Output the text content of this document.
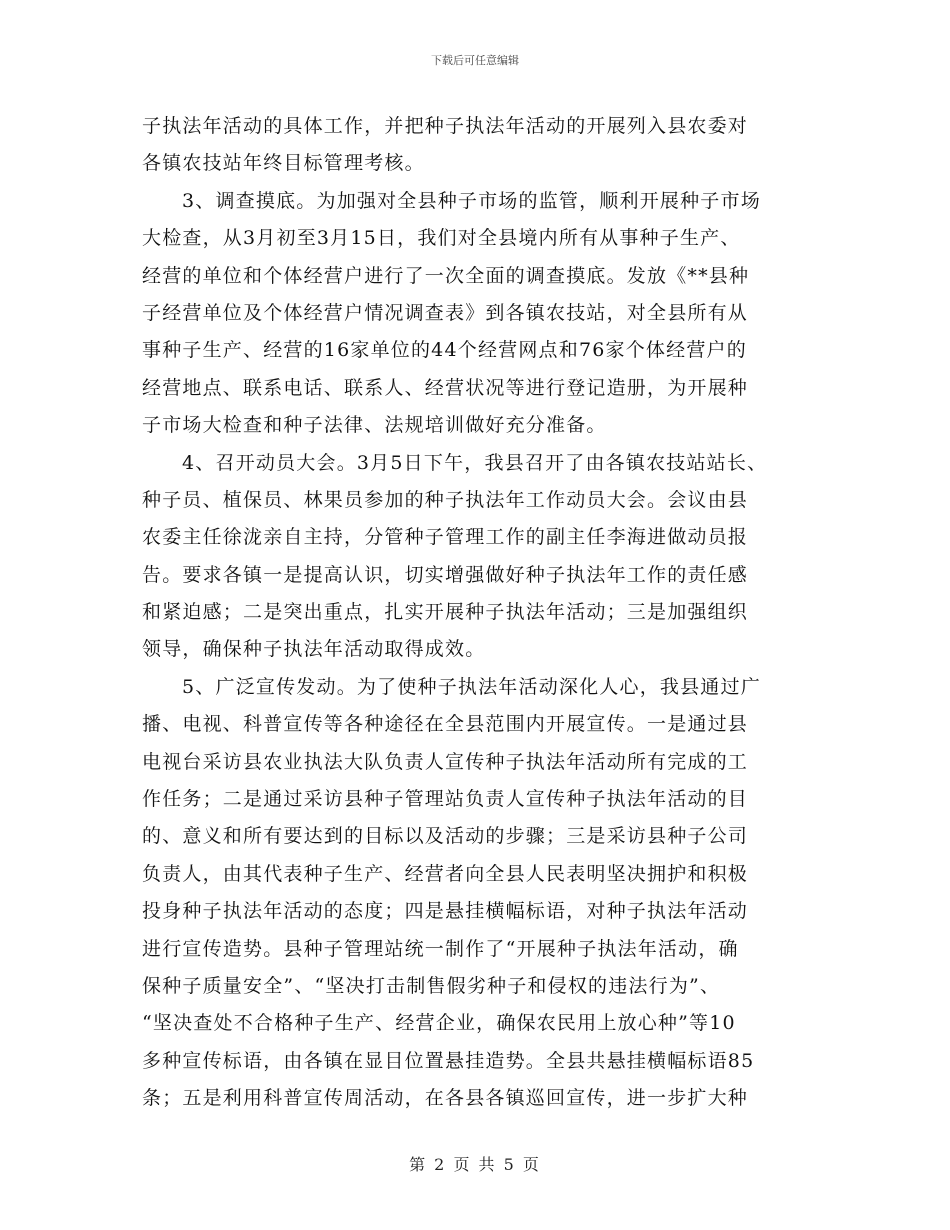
下载后可任意编辑
子执法年活动的具体工作，并把种子执法年活动的开展列入县农委对
各镇农技站年终目标管理考核。
3、调查摸底。为加强对全县种子市场的监管，顺利开展种子市场
大检查，从3月初至3月15日，我们对全县境内所有从事种子生产、
经营的单位和个体经营户进行了一次全面的调查摸底。发放《**县种
子经营单位及个体经营户情况调查表》到各镇农技站，对全县所有从
事种子生产、经营的16家单位的44个经营网点和76家个体经营户的
经营地点、联系电话、联系人、经营状况等进行登记造册，为开展种
子市场大检查和种子法律、法规培训做好充分准备。
4、召开动员大会。3月5日下午，我县召开了由各镇农技站站长、
种子员、植保员、林果员参加的种子执法年工作动员大会。会议由县
农委主任徐泷亲自主持，分管种子管理工作的副主任李海进做动员报
告。要求各镇一是提高认识，切实增强做好种子执法年工作的责任感
和紧迫感；二是突出重点，扎实开展种子执法年活动；三是加强组织
领导，确保种子执法年活动取得成效。
5、广泛宣传发动。为了使种子执法年活动深化人心，我县通过广
播、电视、科普宣传等各种途径在全县范围内开展宣传。一是通过县
电视台采访县农业执法大队负责人宣传种子执法年活动所有完成的工
作任务；二是通过采访县种子管理站负责人宣传种子执法年活动的目
的、意义和所有要达到的目标以及活动的步骤；三是采访县种子公司
负责人，由其代表种子生产、经营者向全县人民表明坚决拥护和积极
投身种子执法年活动的态度；四是悬挂横幅标语，对种子执法年活动
进行宣传造势。县种子管理站统一制作了“开展种子执法年活动，确
保种子质量安全”、“坚决打击制售假劣种子和侵权的违法行为”、
“坚决查处不合格种子生产、经营企业，确保农民用上放心种”等10
多种宣传标语，由各镇在显目位置悬挂造势。全县共悬挂横幅标语85
条；五是利用科普宣传周活动，在各县各镇巡回宣传，进一步扩大种
第 2 页 共 5 页
